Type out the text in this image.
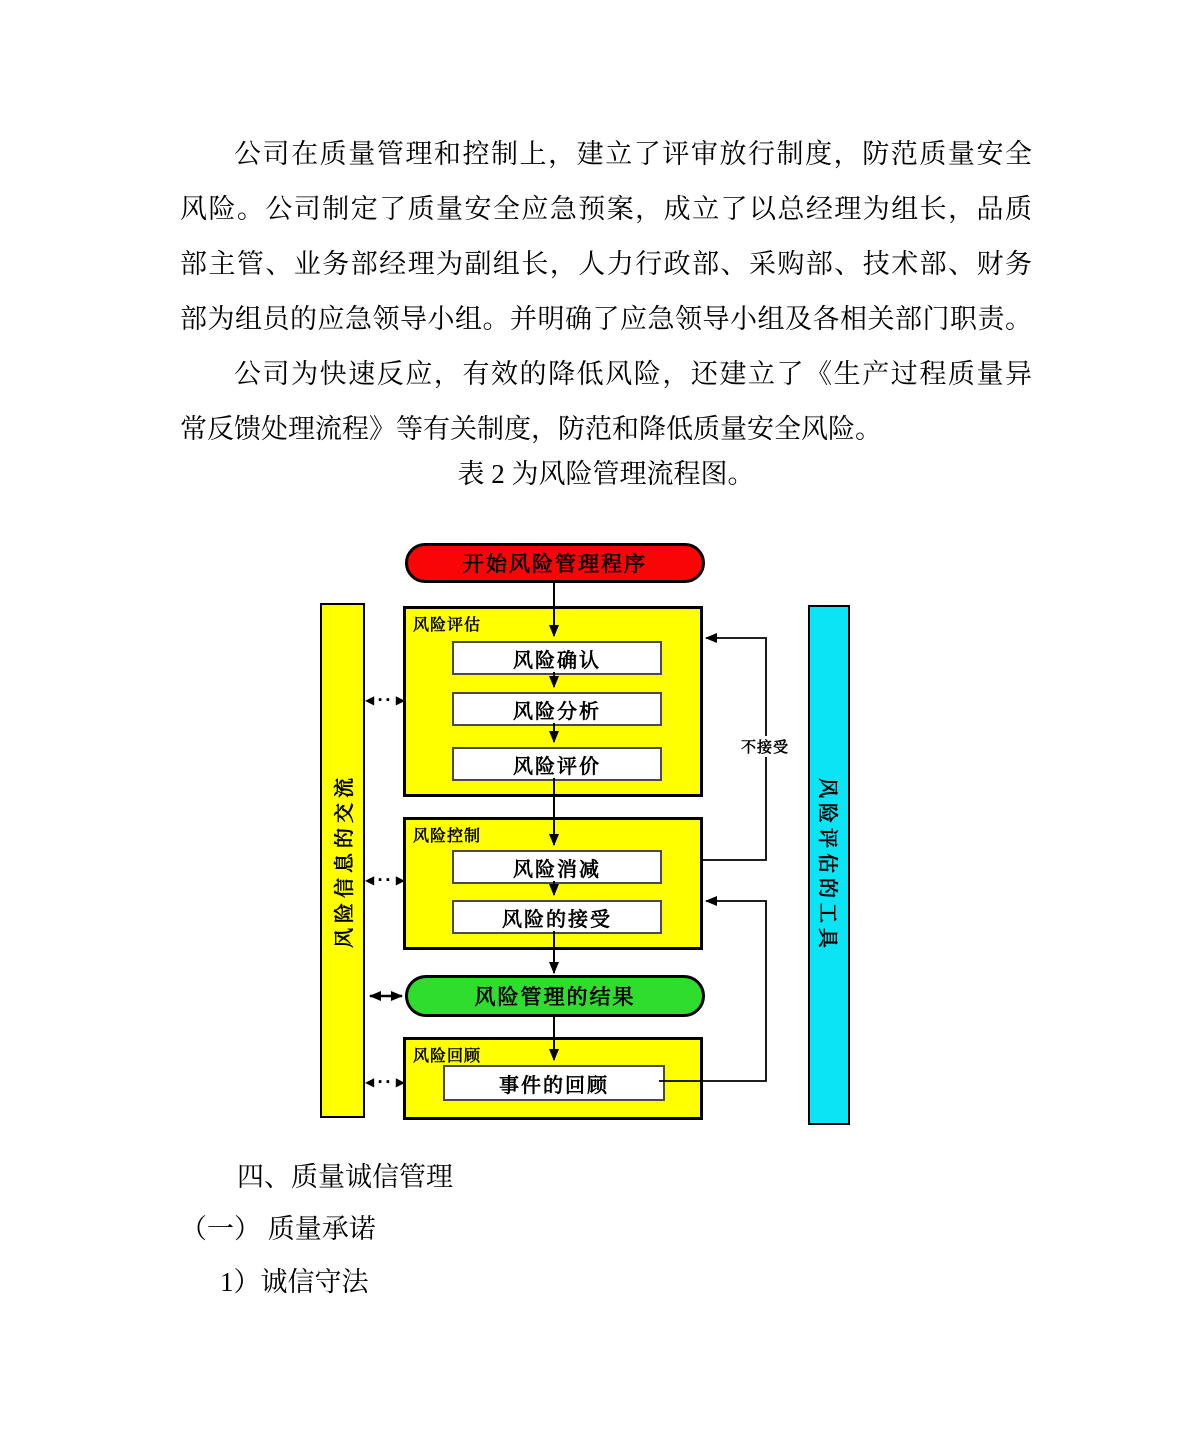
公司在质量管理和控制上，建立了评审放行制度，防范质量安全
风险。公司制定了质量安全应急预案，成立了以总经理为组长，品质
部主管、业务部经理为副组长，人力行政部、采购部、技术部、财务
部为组员的应急领导小组。并明确了应急领导小组及各相关部门职责。
公司为快速反应，有效的降低风险，还建立了《生产过程质量异
常反馈处理流程》等有关制度，防范和降低质量安全风险。
表 2 为风险管理流程图。
风险信息的交流	风险评估的工具
开始风险管理程序
风险评估
风险确认
风险分析
风险评价
风险控制
风险消减
风险的接受
风险管理的结果
风险回顾
事件的回顾
不接受
◀ ·· ▶
◀ ·· ▶
◀ ·· ▶
四、质量诚信管理
（一） 质量承诺
1）诚信守法
